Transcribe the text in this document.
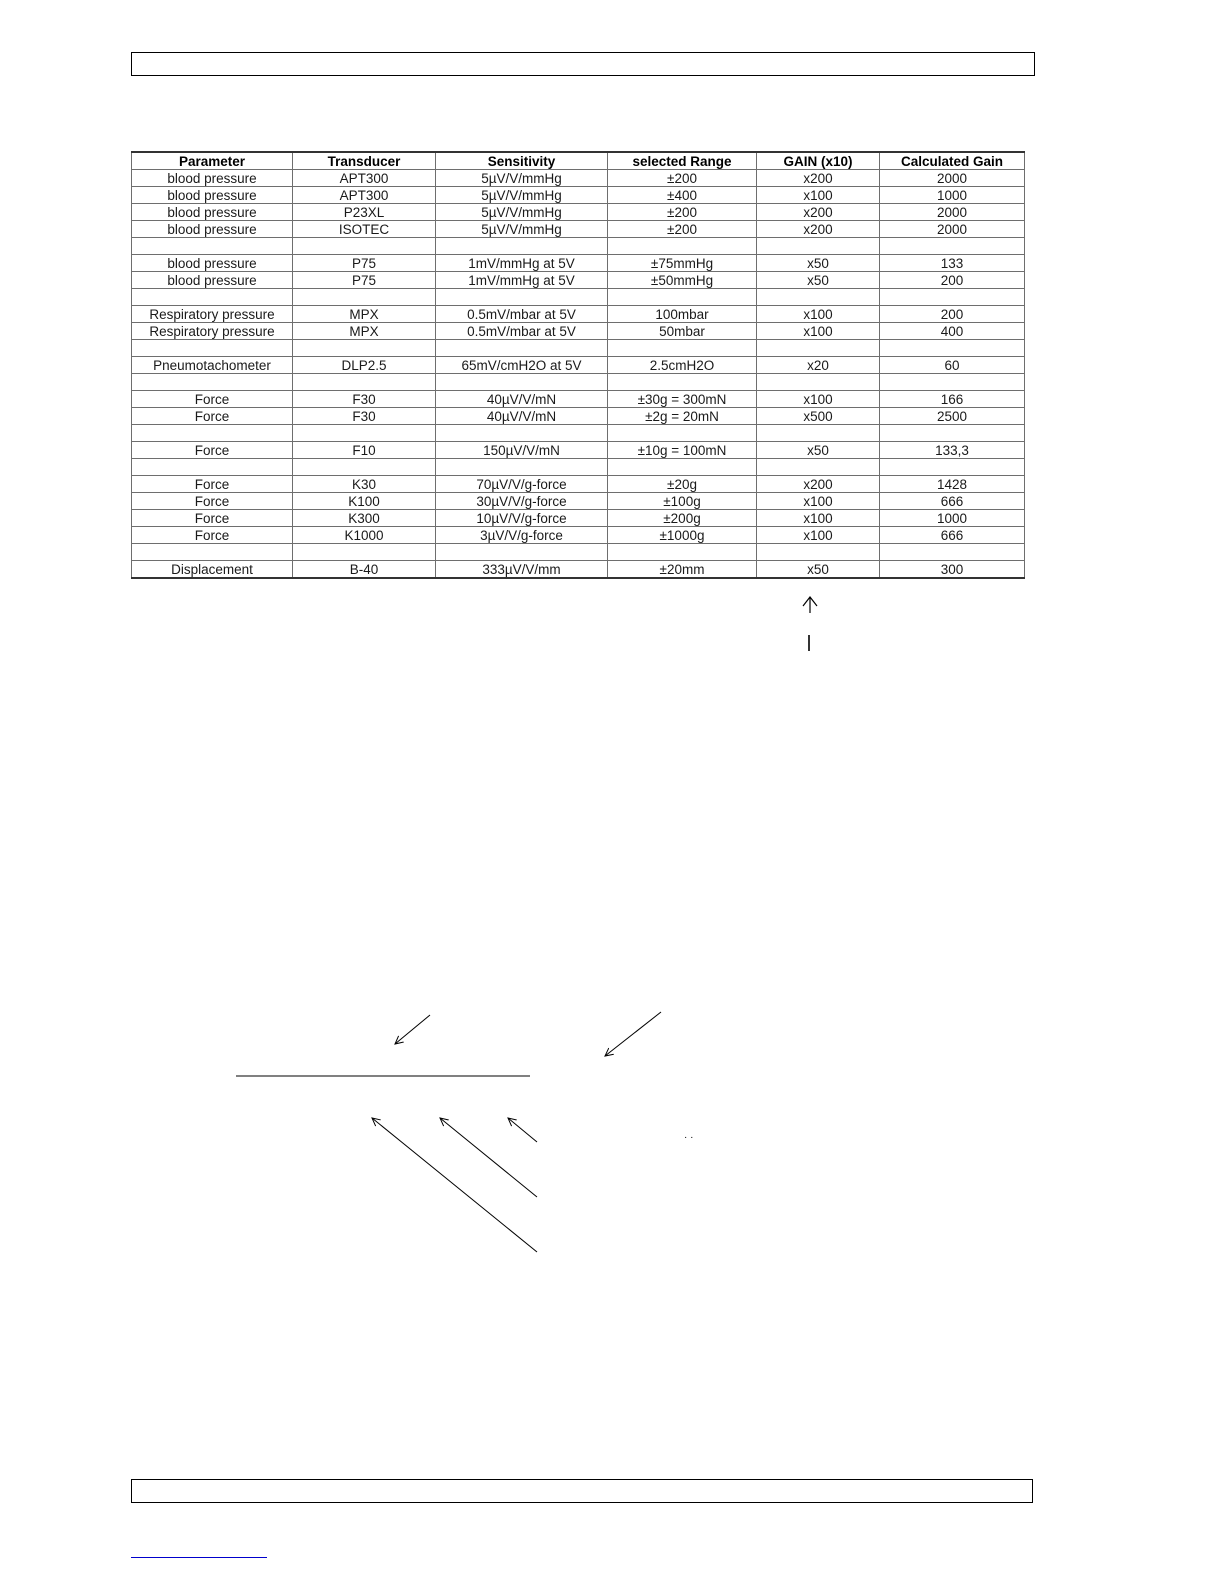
Parameter	Transducer	Sensitivity	selected Range	GAIN (x10)	Calculated Gain
blood pressure	APT300	5µV/V/mmHg	±200	x200	2000
blood pressure	APT300	5µV/V/mmHg	±400	x100	1000
blood pressure	P23XL	5µV/V/mmHg	±200	x200	2000
blood pressure	ISOTEC	5µV/V/mmHg	±200	x200	2000

blood pressure	P75	1mV/mmHg at 5V	±75mmHg	x50	133
blood pressure	P75	1mV/mmHg at 5V	±50mmHg	x50	200

Respiratory pressure	MPX	0.5mV/mbar at 5V	100mbar	x100	200
Respiratory pressure	MPX	0.5mV/mbar at 5V	50mbar	x100	400

Pneumotachometer	DLP2.5	65mV/cmH2O at 5V	2.5cmH2O	x20	60

Force	F30	40µV/V/mN	±30g = 300mN	x100	166
Force	F30	40µV/V/mN	±2g = 20mN	x500	2500

Force	F10	150µV/V/mN	±10g = 100mN	x50	133,3

Force	K30	70µV/V/g-force	±20g	x200	1428
Force	K100	30µV/V/g-force	±100g	x100	666
Force	K300	10µV/V/g-force	±200g	x100	1000
Force	K1000	3µV/V/g-force	±1000g	x100	666

Displacement	B-40	333µV/V/mm	±20mm	x50	300
· ·
